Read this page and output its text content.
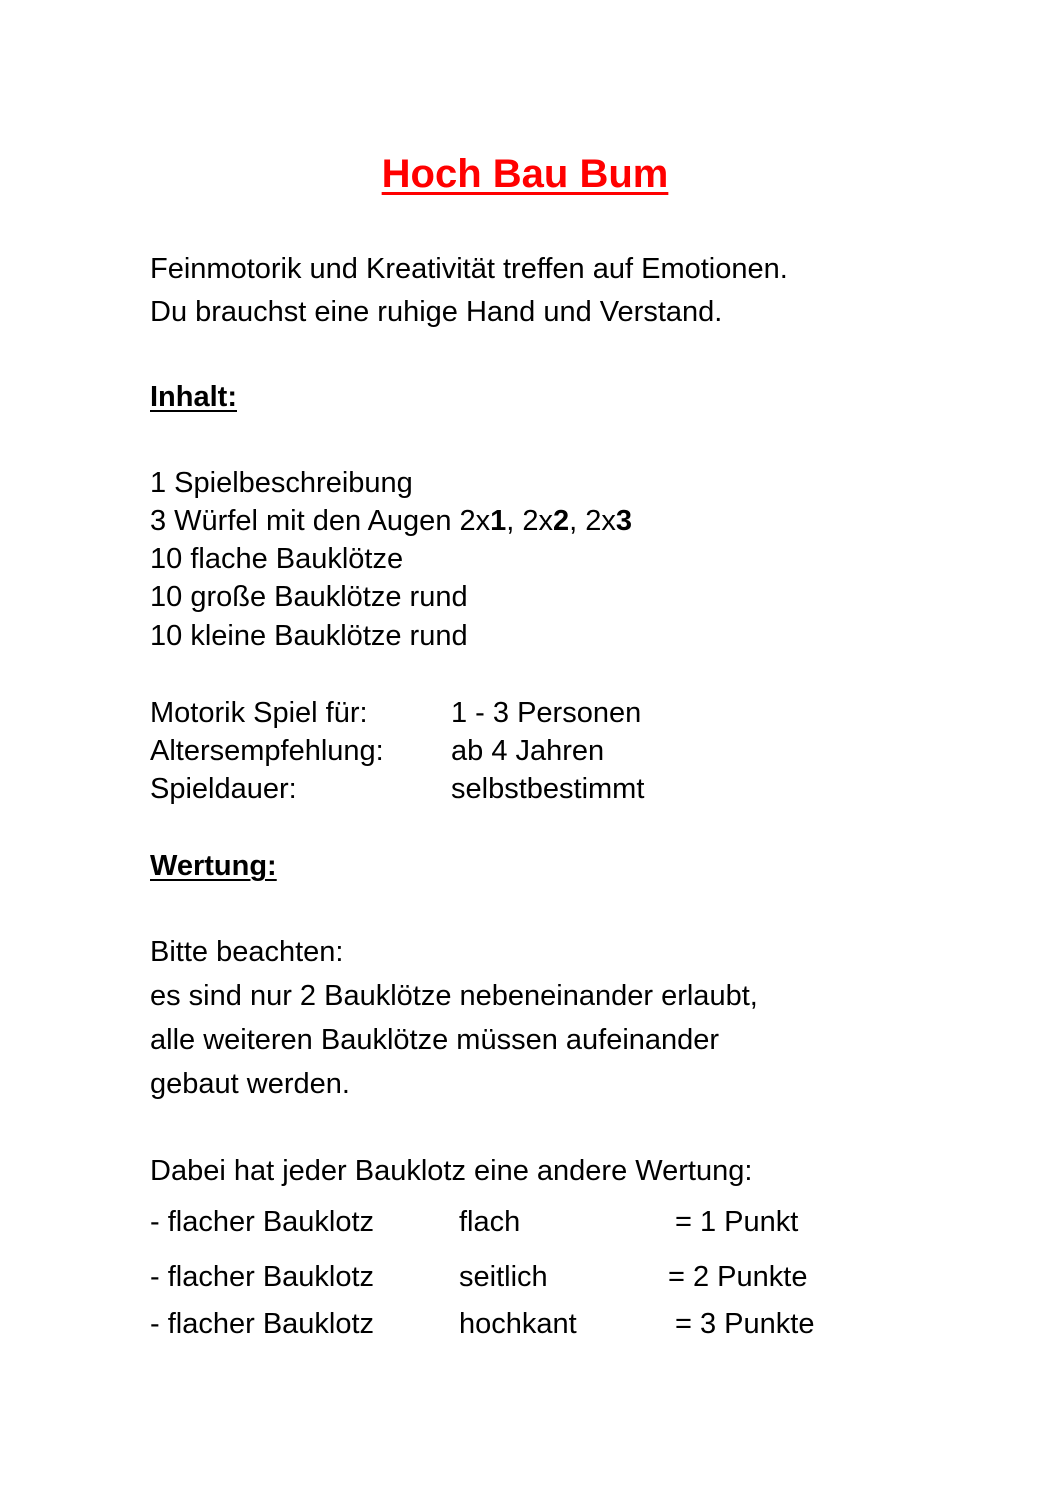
Hoch Bau Bum

Feinmotorik und Kreativität treffen auf Emotionen.

Du brauchst eine ruhige Hand und Verstand.

Inhalt:

1 Spielbeschreibung

3 Würfel mit den Augen 2x1, 2x2, 2x3

10 flache Bauklötze

10 große Bauklötze rund

10 kleine Bauklötze rund

Motorik Spiel für:	1 - 3 Personen

Altersempfehlung: ab 4 Jahren

Spieldauer:	selbstbestimmt

Wertung:

Bitte beachten:

es sind nur 2 Bauklötze nebeneinander erlaubt,

alle weiteren Bauklötze müssen aufeinander

gebaut werden.

Dabei hat jeder Bauklotz eine andere Wertung:

- flacher Bauklotz	flach	= 1 Punkt

- flacher Bauklotz	seitlich	= 2 Punkte

- flacher Bauklotz	hochkant	= 3 Punkte
